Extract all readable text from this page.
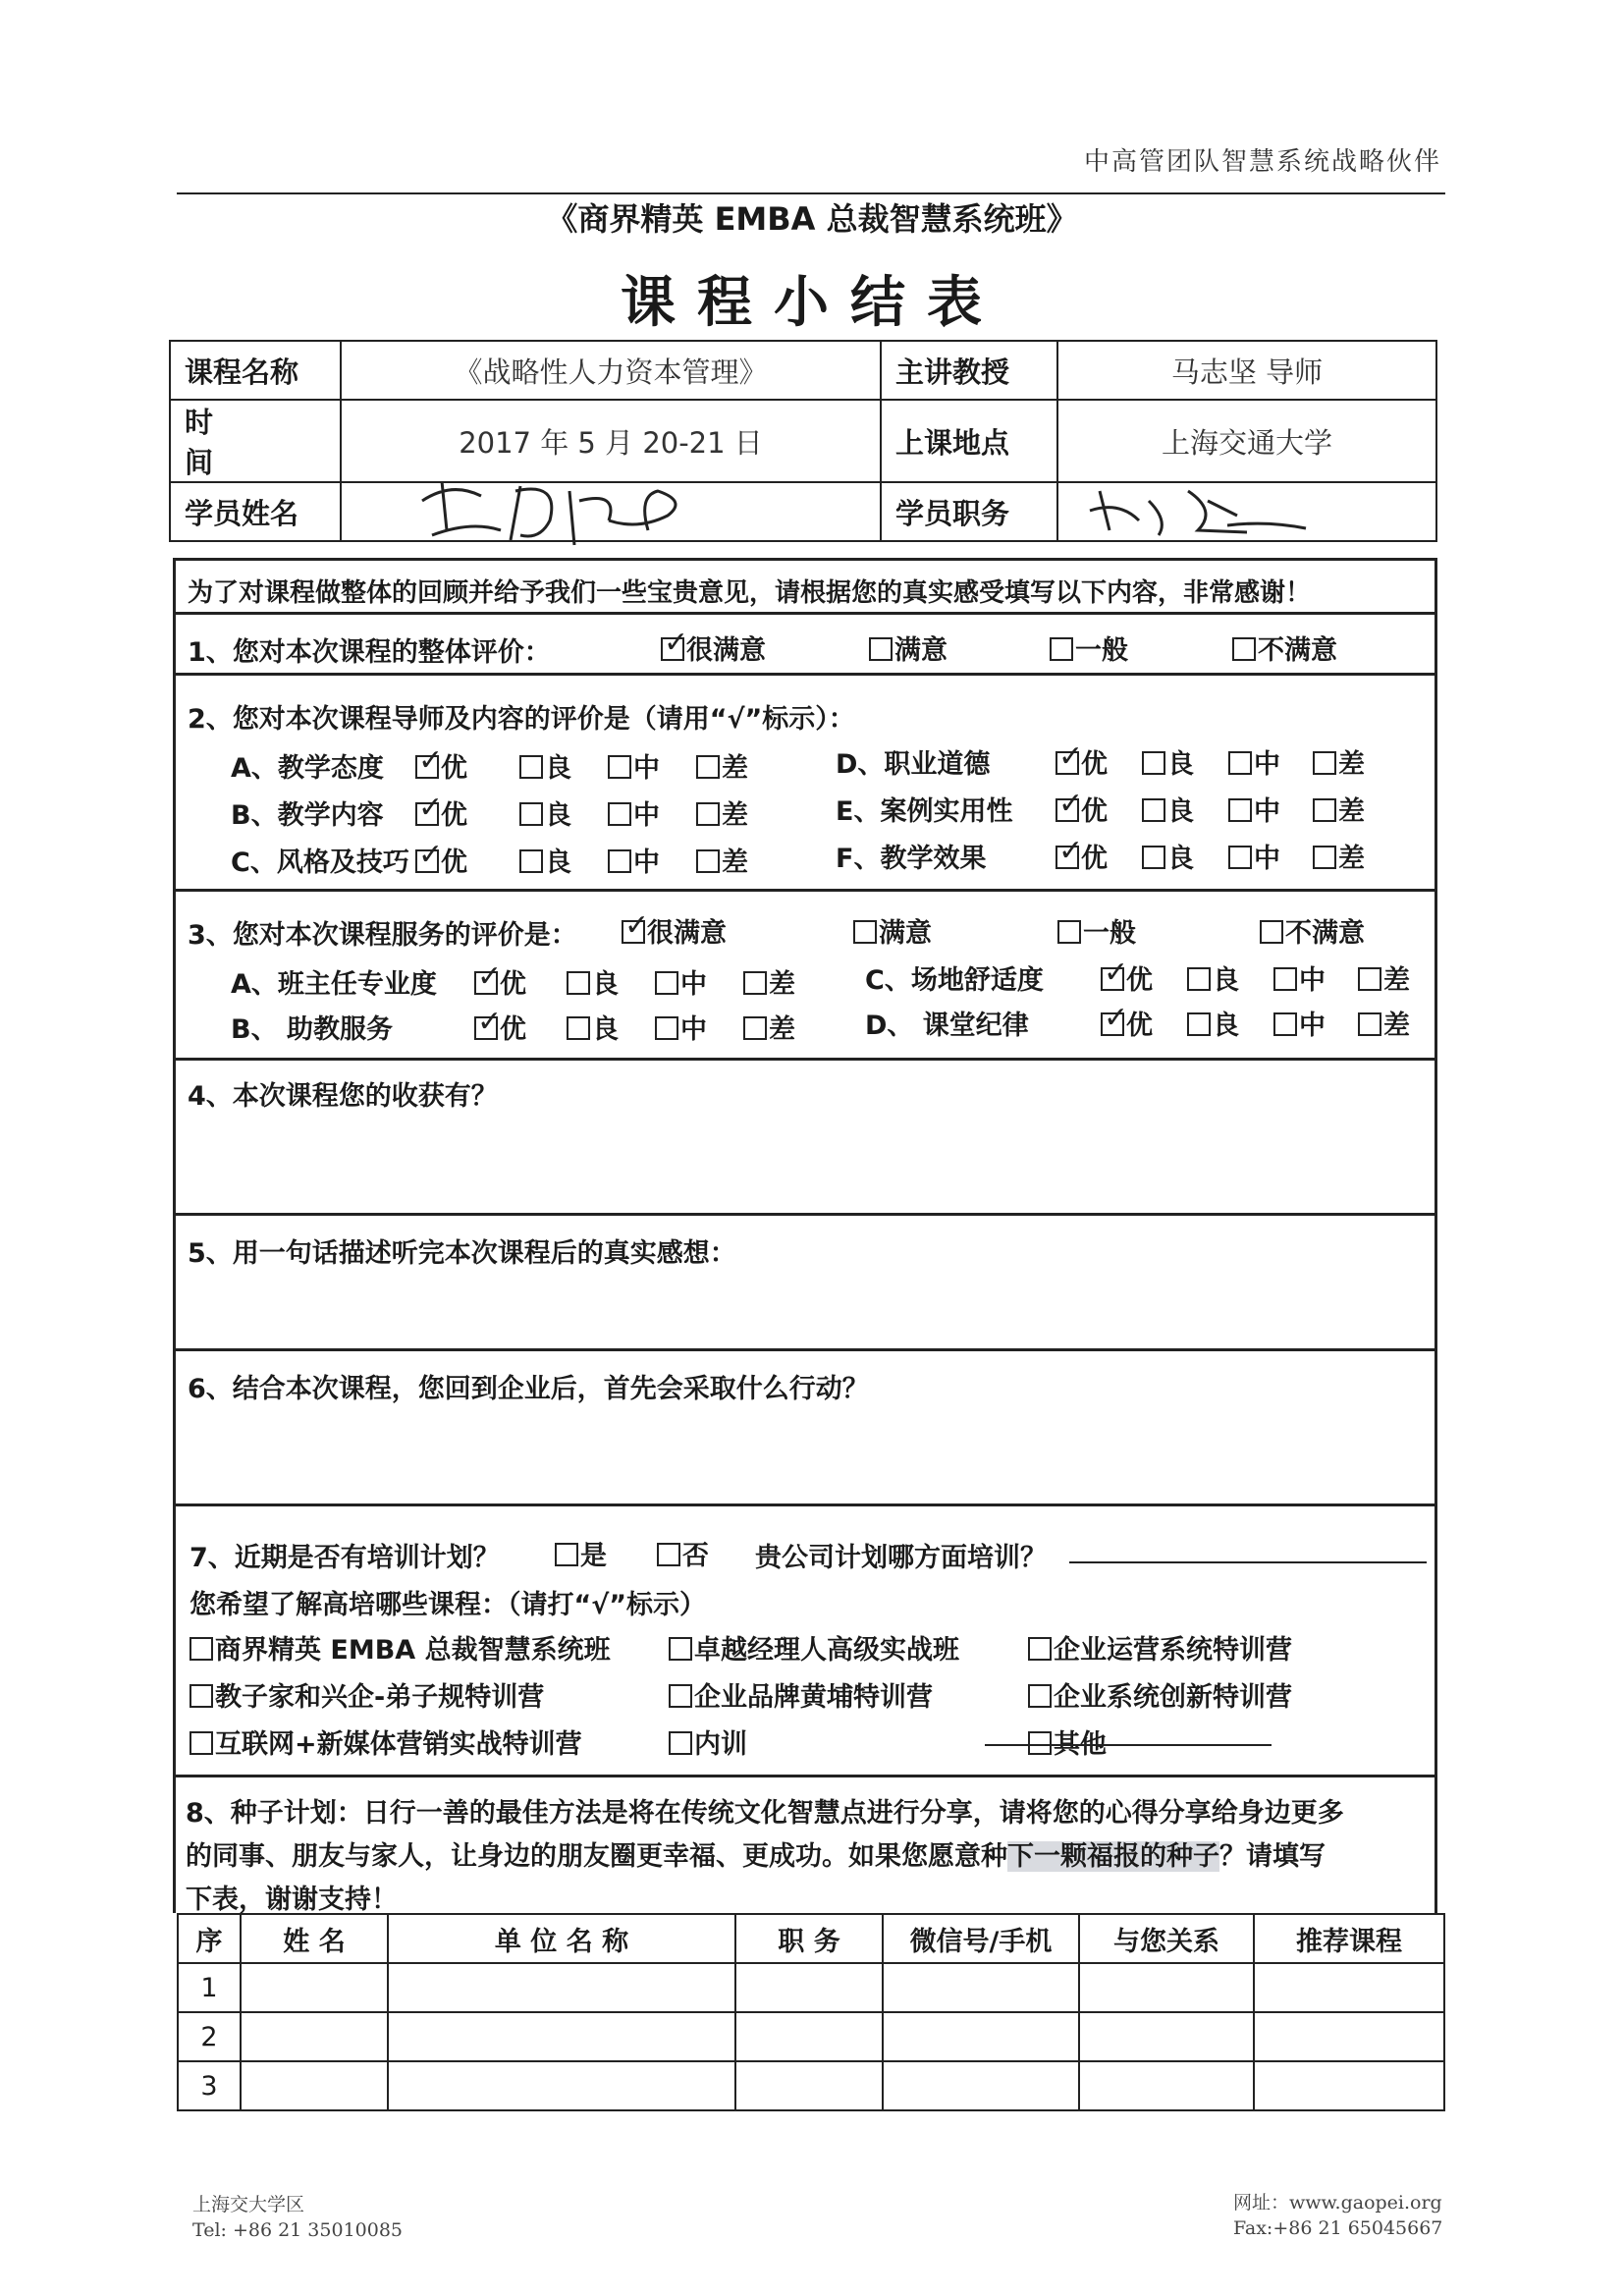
中高管团队智慧系统战略伙伴
《商界精英 EMBA 总裁智慧系统班》
课程小结表
课程名称	《战略性人力资本管理》	主讲教授	马志坚 导师
时 间	2017 年 5 月 20-21 日	上课地点	上海交通大学
学员姓名		学员职务	
为了对课程做整体的回顾并给予我们一些宝贵意见，请根据您的真实感受填写以下内容，非常感谢！
1、您对本次课程的整体评价： ✓	很满意	满意	一般	不满意
2、您对本次课程导师及内容的评价是（请用“√”标示）：
A、教学态度 ✓	优	良	中	差
B、教学内容 ✓	优	良	中	差
C、风格及技巧 ✓	优	良	中	差
D、职业道德 ✓	优	良	中	差
E、案例实用性 ✓	优	良	中	差
F、教学效果 ✓	优	良	中	差
3、您对本次课程服务的评价是： ✓	很满意	满意	一般	不满意
A、班主任专业度 ✓	优	良	中	差
B、 助教服务 ✓	优	良	中	差
C、场地舒适度 ✓	优	良	中	差
D、 课堂纪律 ✓	优	良	中	差
4、本次课程您的收获有？
5、用一句话描述听完本次课程后的真实感想：
6、结合本次课程，您回到企业后，首先会采取什么行动？
7、近期是否有培训计划？	是	否 贵公司计划哪方面培训？
您希望了解高培哪些课程：（请打“√”标示）
商界精英 EMBA 总裁智慧系统班	卓越经理人高级实战班	企业运营系统特训营
教子家和兴企-弟子规特训营	企业品牌黄埔特训营	企业系统创新特训营
互联网+新媒体营销实战特训营	内训	其他
8、种子计划：日行一善的最佳方法是将在传统文化智慧点进行分享，请将您的心得分享给身边更多
的同事、朋友与家人，让身边的朋友圈更幸福、更成功。如果您愿意种下一颗福报的种子？请填写
下表，谢谢支持！
序	姓 名	单 位 名 称	职 务	微信号/手机	与您关系	推荐课程
1						
2						
3						
上海交大学区
Tel: +86 21 35010085
网址：www.gaopei.org
Fax:+86 21 65045667
